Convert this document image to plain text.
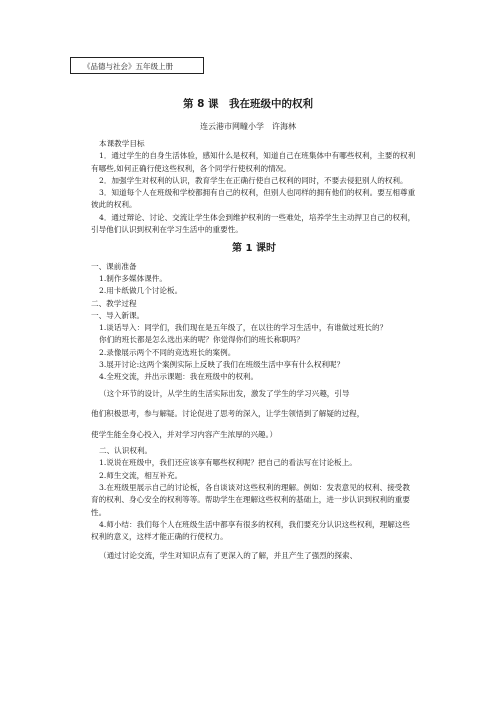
《品德与社会》五年级上册
第 8 课　我在班级中的权利
连云港市网疃小学　许海林

本课教学目标

1．通过学生的自身生活体验，感知什么是权利，知道自己在班集体中有哪些权利，主要的权利有哪些,如何正确行使这些权利，各个同学行使权利的情况。

2．加强学生对权利的认识，教育学生在正确行使自己权利的同时，不要去侵犯别人的权利。

3．知道每个人在班级和学校都拥有自己的权利，但别人也同样的拥有他们的权利。要互相尊重彼此的权利。

4．通过辩论、讨论、交流让学生体会到维护权利的一些难处，培养学生主动捍卫自己的权利，引导他们认识到权利在学习生活中的重要性。

第 1 课时

一、课前准备

1.制作多媒体课件。

2.用卡纸做几个讨论板。

二、教学过程

一、导入新课。

1.谈话导入：同学们，我们现在是五年级了，在以往的学习生活中，有谁做过班长的？

你们的班长都是怎么选出来的呢？你觉得你们的班长称职吗？

2.录像展示两个不同的竞选班长的案例。

3.展开讨论:这两个案例实际上反映了我们在班级生活中享有什么权利呢？

4.全班交流，并出示课题：我在班级中的权利。

（这个环节的设计，从学生的生活实际出发，激发了学生的学习兴趣，引导

他们积极思考，参与解疑。讨论促进了思考的深入，让学生领悟到了解疑的过程，

使学生能全身心投入，并对学习内容产生浓厚的兴趣。）

二、认识权利。

1.说说在班级中，我们还应该享有哪些权利呢？把自己的看法写在讨论板上。

2.师生交流，相互补充。

3.在班级里展示自己的讨论板，各自谈谈对这些权利的理解。例如：发表意见的权利、接受教育的权利、身心安全的权利等等。帮助学生在理解这些权利的基础上，进一步认识到权利的重要性。

4.师小结：我们每个人在班级生活中都享有很多的权利，我们要充分认识这些权利，理解这些权利的意义，这样才能正确的行使权力。

（通过讨论交流，学生对知识点有了更深入的了解，并且产生了强烈的探索、
